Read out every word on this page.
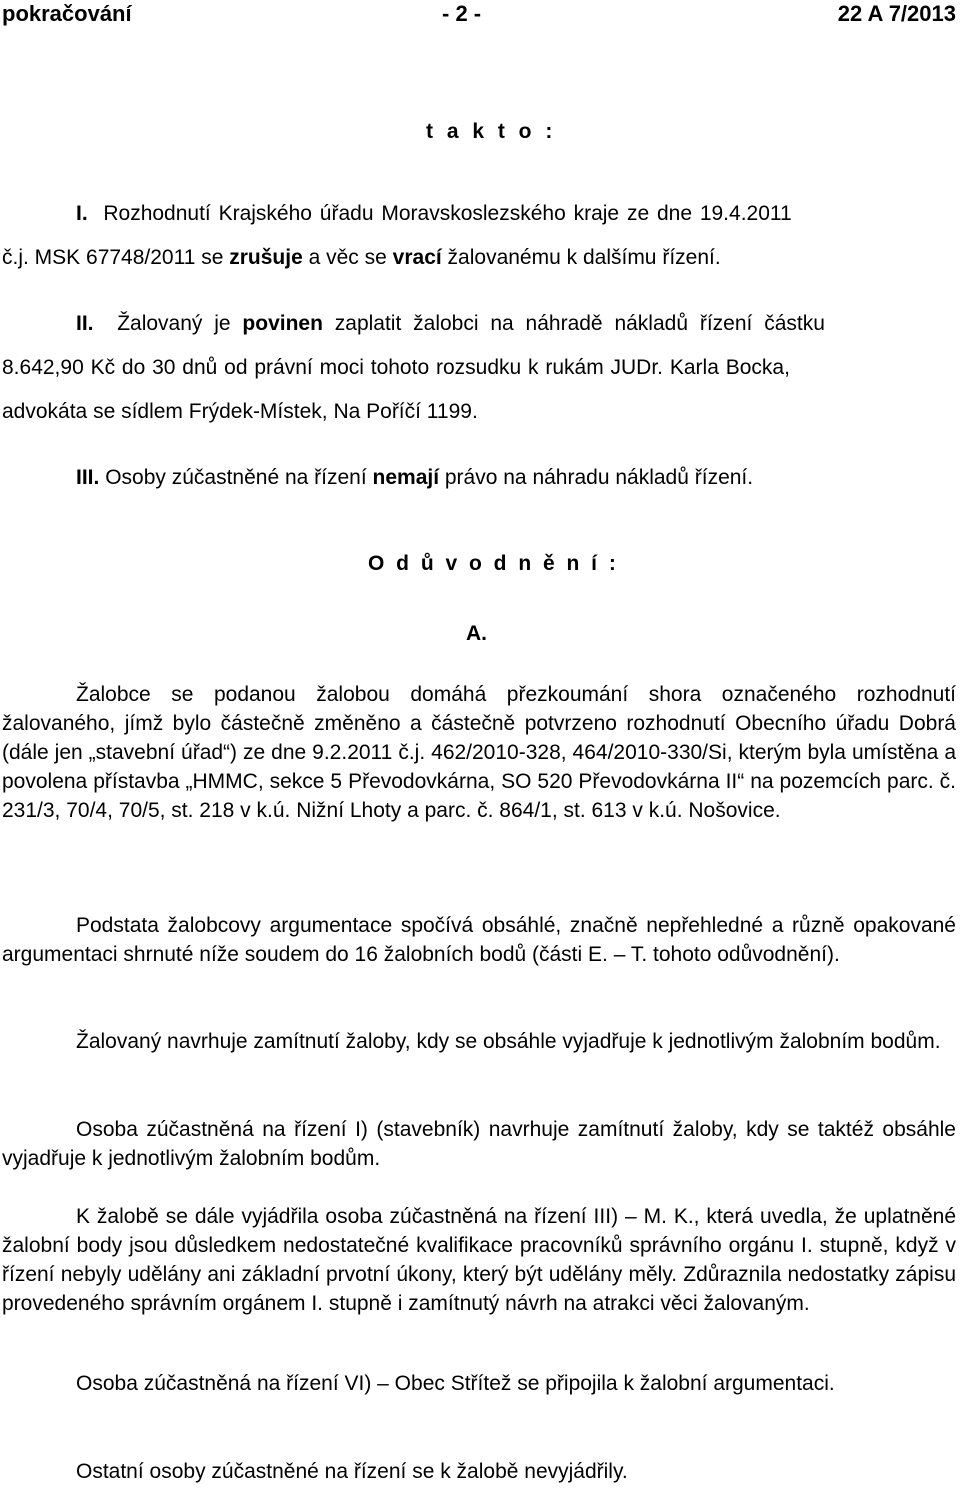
pokračování	- 2 -	22 A 7/2013
t a k t o :
I. Rozhodnutí Krajského úřadu Moravskoslezského kraje ze dne 19.4.2011
č.j. MSK 67748/2011 se zrušuje a věc se vrací žalovanému k dalšímu řízení.
II. Žalovaný je povinen zaplatit žalobci na náhradě nákladů řízení částku
8.642,90 Kč do 30 dnů od právní moci tohoto rozsudku k rukám JUDr. Karla Bocka,
advokáta se sídlem Frýdek-Místek, Na Poříčí 1199.
III. Osoby zúčastněné na řízení nemají právo na náhradu nákladů řízení.
O d ů v o d n ě n í :
A.

Žalobce se podanou žalobou domáhá přezkoumání shora označeného rozhodnutí žalovaného, jímž bylo částečně změněno a částečně potvrzeno rozhodnutí Obecního úřadu Dobrá (dále jen „stavební úřad“) ze dne 9.2.2011 č.j. 462/2010-328, 464/2010-330/Si, kterým byla umístěna a povolena přístavba „HMMC, sekce 5 Převodovkárna, SO 520 Převodovkárna II“ na pozemcích parc. č. 231/3, 70/4, 70/5, st. 218 v k.ú. Nižní Lhoty a parc. č. 864/1, st. 613 v k.ú. Nošovice.

Podstata žalobcovy argumentace spočívá obsáhlé, značně nepřehledné a různě opakované argumentaci shrnuté níže soudem do 16 žalobních bodů (části E. – T. tohoto odůvodnění).

Žalovaný navrhuje zamítnutí žaloby, kdy se obsáhle vyjadřuje k jednotlivým žalobním bodům.

Osoba zúčastněná na řízení I) (stavebník) navrhuje zamítnutí žaloby, kdy se taktéž obsáhle vyjadřuje k jednotlivým žalobním bodům.

K žalobě se dále vyjádřila osoba zúčastněná na řízení III) – M. K., která uvedla, že uplatněné žalobní body jsou důsledkem nedostatečné kvalifikace pracovníků správního orgánu I. stupně, když v řízení nebyly udělány ani základní prvotní úkony, který být udělány měly. Zdůraznila nedostatky zápisu provedeného správním orgánem I. stupně i zamítnutý návrh na atrakci věci žalovaným.

Osoba zúčastněná na řízení VI) – Obec Střítež se připojila k žalobní argumentaci.

Ostatní osoby zúčastněné na řízení se k žalobě nevyjádřily.
